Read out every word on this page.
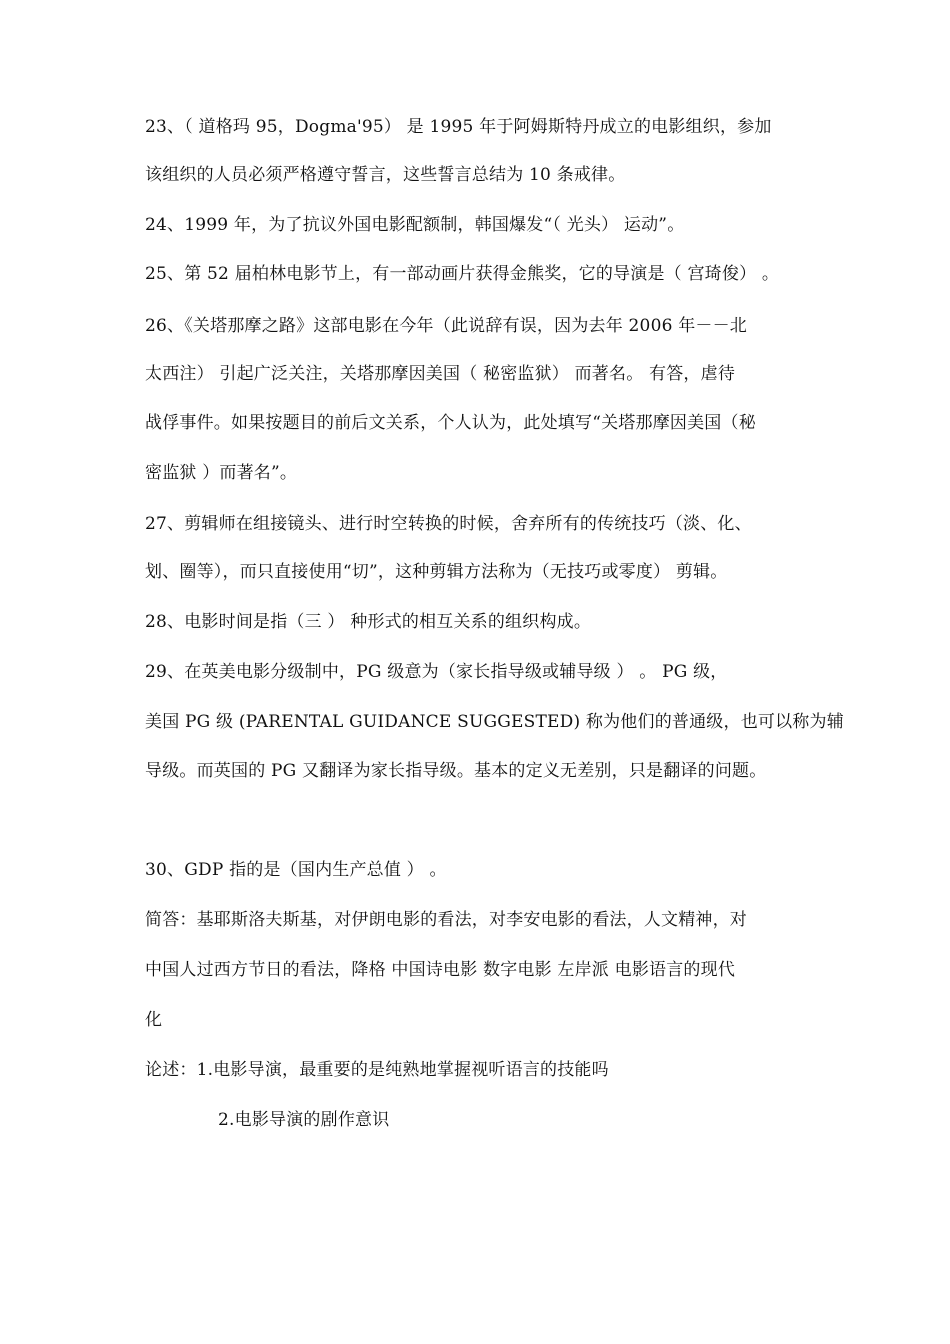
23、（ 道格玛 95，Dogma'95） 是 1995 年于阿姆斯特丹成立的电影组织，参加
该组织的人员必须严格遵守誓言，这些誓言总结为 10 条戒律。
24、1999 年，为了抗议外国电影配额制，韩国爆发“（ 光头） 运动”。
25、第 52 届柏林电影节上，有一部动画片获得金熊奖，它的导演是（ 宫琦俊） 。
26、《关塔那摩之路》这部电影在今年（此说辞有误，因为去年 2006 年－－北
太西注） 引起广泛关注，关塔那摩因美国（ 秘密监狱） 而著名。 有答，虐待
战俘事件。如果按题目的前后文关系，个人认为，此处填写“关塔那摩因美国（秘
密监狱 ）而著名”。
27、剪辑师在组接镜头、进行时空转换的时候，舍弃所有的传统技巧（淡、化、
划、圈等），而只直接使用“切”，这种剪辑方法称为（无技巧或零度） 剪辑。
28、电影时间是指（三 ） 种形式的相互关系的组织构成。
29、在英美电影分级制中，PG 级意为（家长指导级或辅导级 ） 。 PG 级，
美国 PG 级 (PARENTAL GUIDANCE SUGGESTED) 称为他们的普通级，也可以称为辅
导级。而英国的 PG 又翻译为家长指导级。基本的定义无差别，只是翻译的问题。
30、GDP 指的是（国内生产总值 ） 。
简答：基耶斯洛夫斯基，对伊朗电影的看法，对李安电影的看法，人文精神，对
中国人过西方节日的看法，降格 中国诗电影 数字电影 左岸派 电影语言的现代
化
论述：1.电影导演，最重要的是纯熟地掌握视听语言的技能吗
2.电影导演的剧作意识
